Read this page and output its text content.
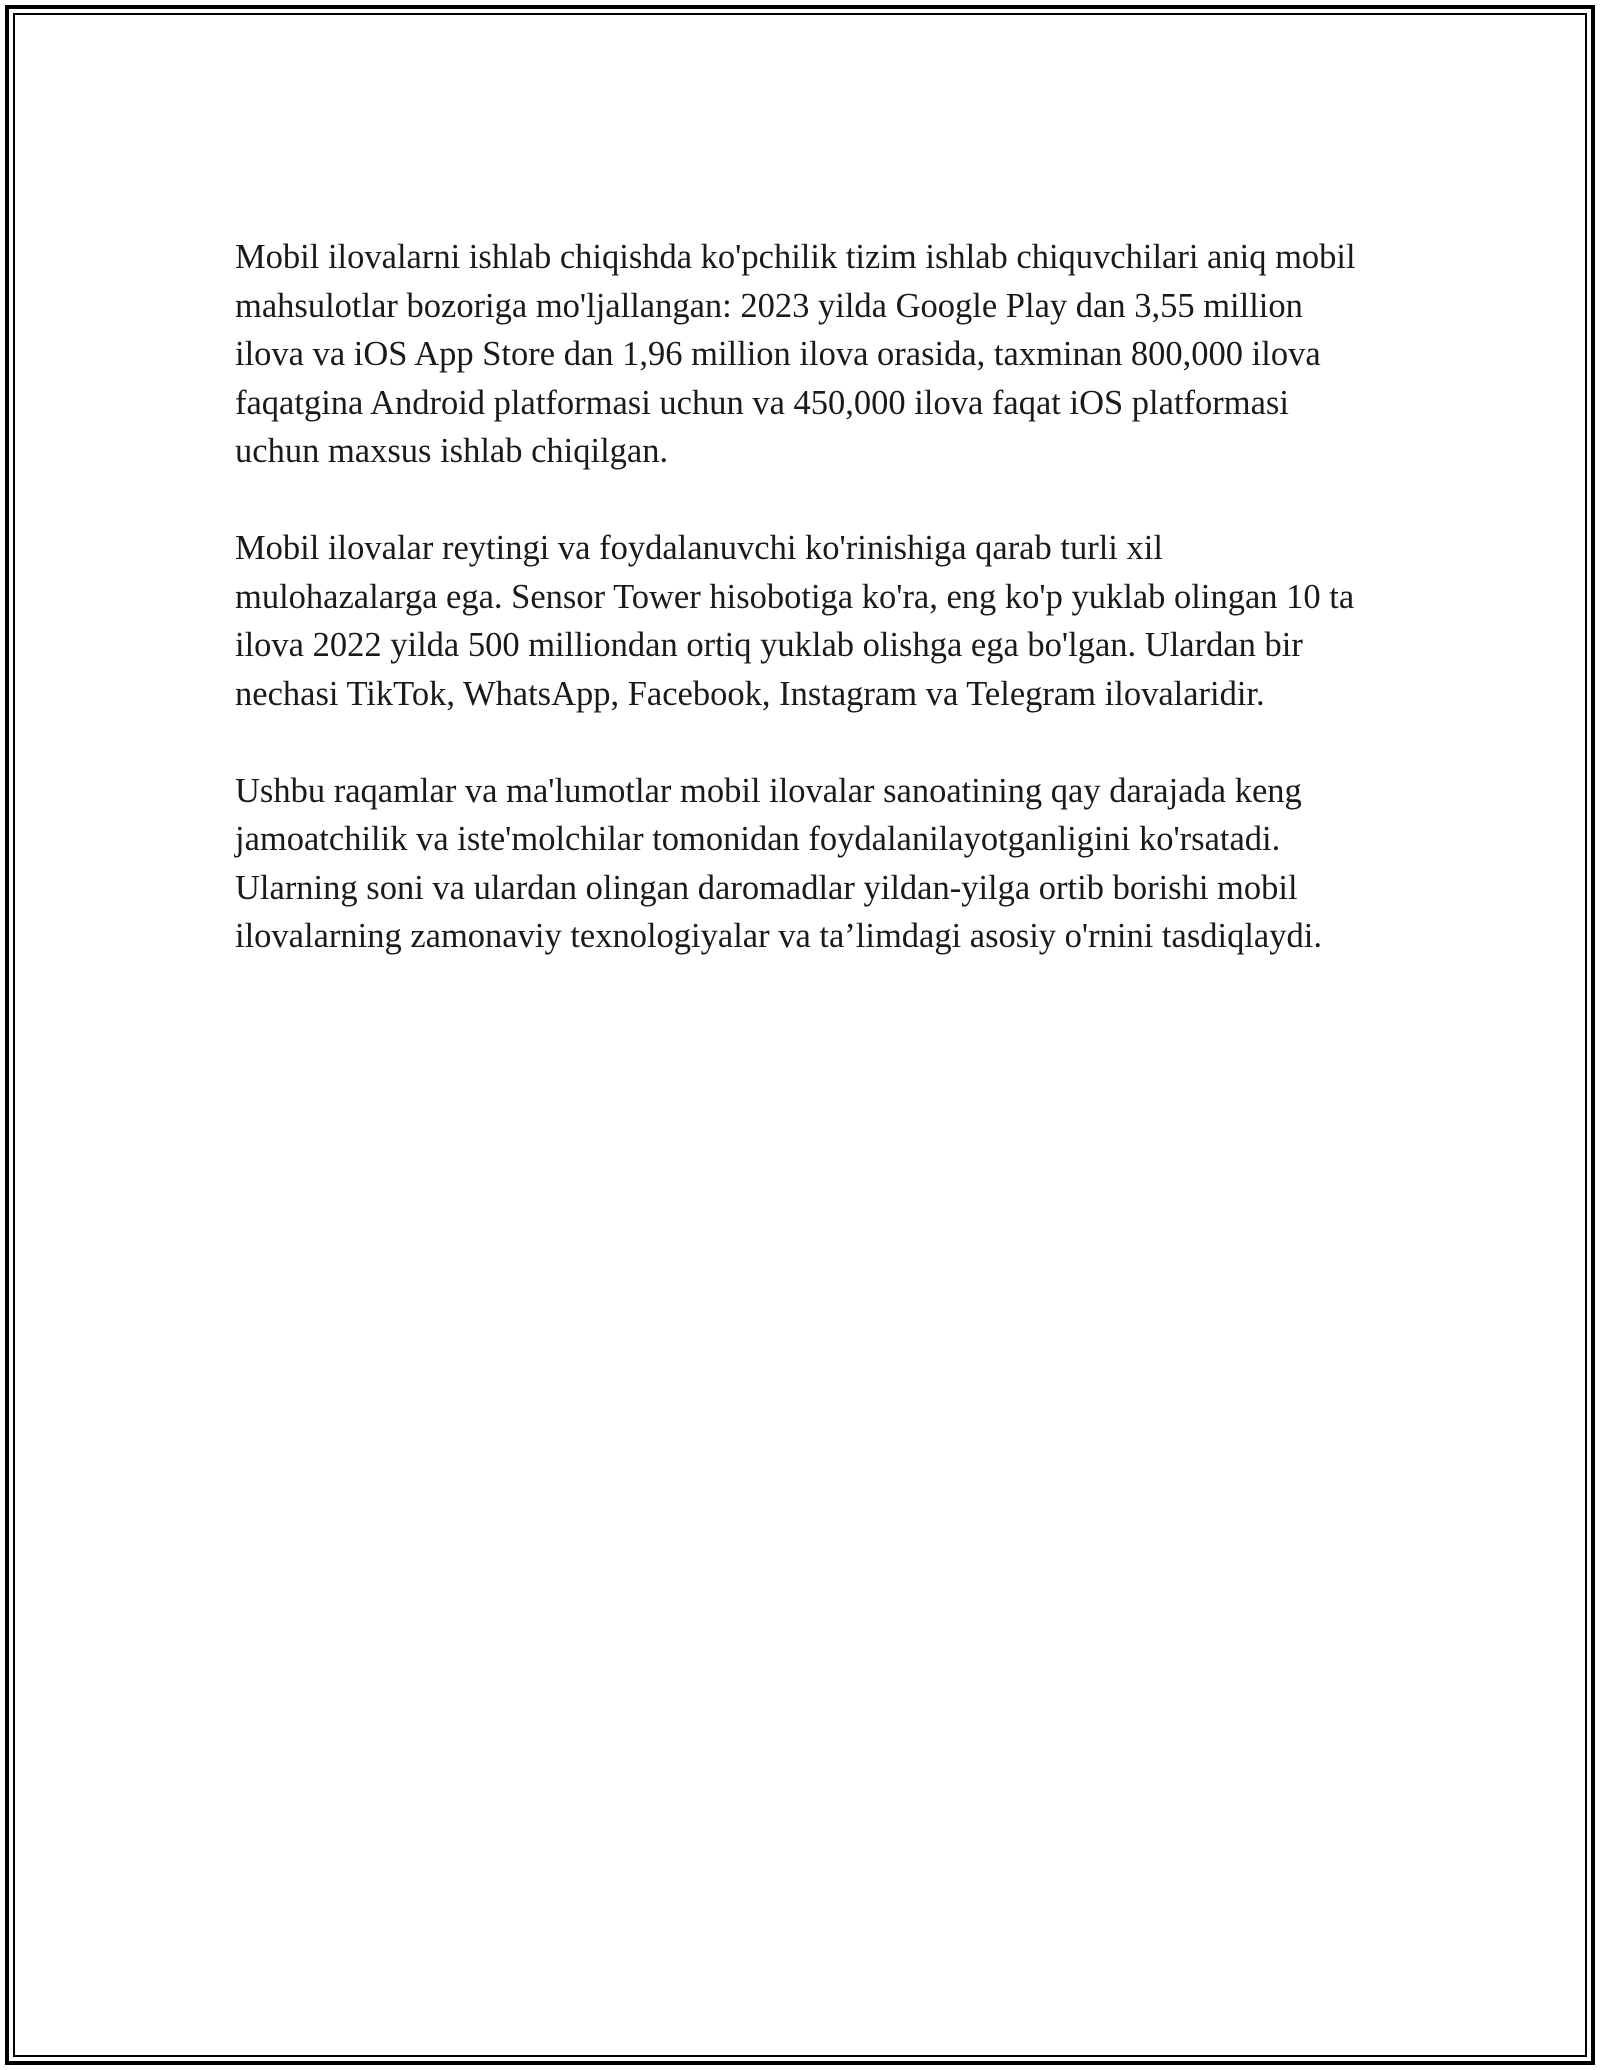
Mobil ilovalarni ishlab chiqishda ko'pchilik tizim ishlab chiquvchilari aniq mobil mahsulotlar bozoriga mo'ljallangan: 2023 yilda Google Play dan 3,55 million ilova va iOS App Store dan 1,96 million ilova orasida, taxminan 800,000 ilova faqatgina Android platformasi uchun va 450,000 ilova faqat iOS platformasi uchun maxsus ishlab chiqilgan.

Mobil ilovalar reytingi va foydalanuvchi ko'rinishiga qarab turli xil mulohazalarga ega. Sensor Tower hisobotiga ko'ra, eng ko'p yuklab olingan 10 ta ilova 2022 yilda 500 milliondan ortiq yuklab olishga ega bo'lgan. Ulardan bir nechasi TikTok, WhatsApp, Facebook, Instagram va Telegram ilovalaridir.

Ushbu raqamlar va ma'lumotlar mobil ilovalar sanoatining qay darajada keng jamoatchilik va iste'molchilar tomonidan foydalanilayotganligini ko'rsatadi. Ularning soni va ulardan olingan daromadlar yildan-yilga ortib borishi mobil ilovalarning zamonaviy texnologiyalar va ta’limdagi asosiy o'rnini tasdiqlaydi.
